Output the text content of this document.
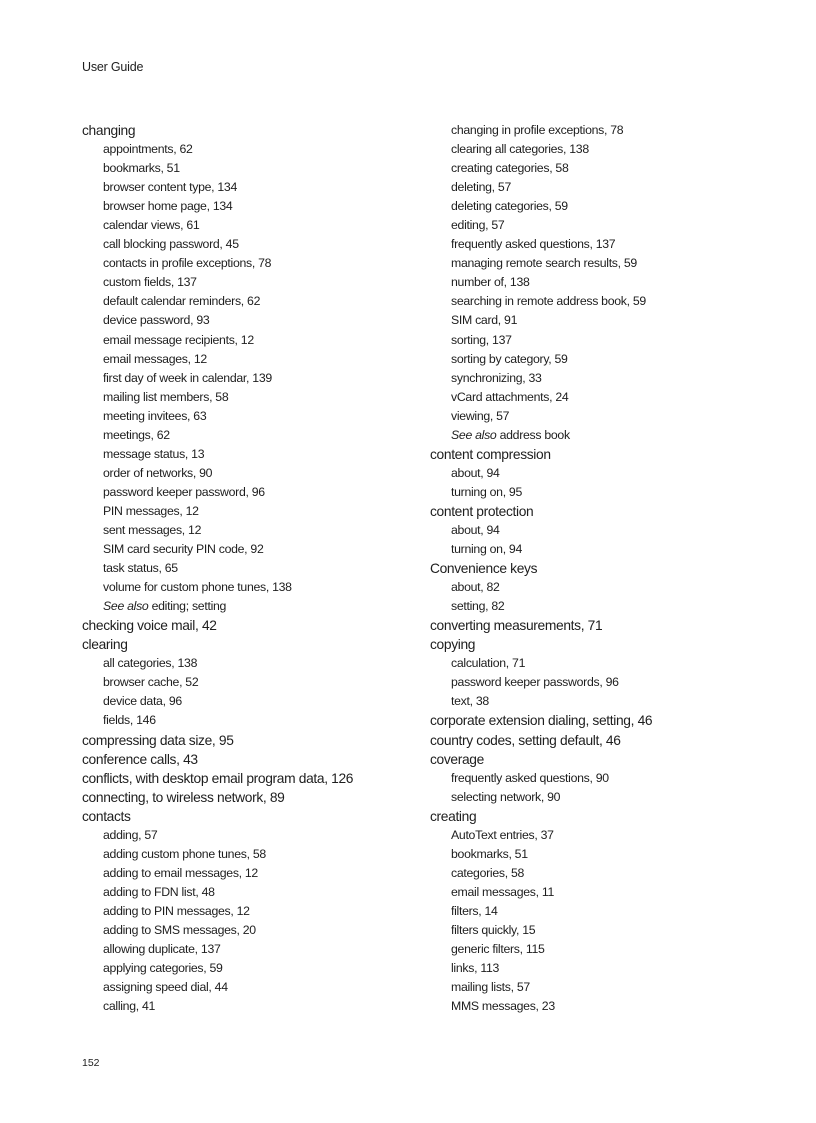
User Guide
changing
appointments, 62
bookmarks, 51
browser content type, 134
browser home page, 134
calendar views, 61
call blocking password, 45
contacts in profile exceptions, 78
custom fields, 137
default calendar reminders, 62
device password, 93
email message recipients, 12
email messages, 12
first day of week in calendar, 139
mailing list members, 58
meeting invitees, 63
meetings, 62
message status, 13
order of networks, 90
password keeper password, 96
PIN messages, 12
sent messages, 12
SIM card security PIN code, 92
task status, 65
volume for custom phone tunes, 138
See also editing; setting
checking voice mail, 42
clearing
all categories, 138
browser cache, 52
device data, 96
fields, 146
compressing data size, 95
conference calls, 43
conflicts, with desktop email program data, 126
connecting, to wireless network, 89
contacts
adding, 57
adding custom phone tunes, 58
adding to email messages, 12
adding to FDN list, 48
adding to PIN messages, 12
adding to SMS messages, 20
allowing duplicate, 137
applying categories, 59
assigning speed dial, 44
calling, 41
changing in profile exceptions, 78
clearing all categories, 138
creating categories, 58
deleting, 57
deleting categories, 59
editing, 57
frequently asked questions, 137
managing remote search results, 59
number of, 138
searching in remote address book, 59
SIM card, 91
sorting, 137
sorting by category, 59
synchronizing, 33
vCard attachments, 24
viewing, 57
See also address book
content compression
about, 94
turning on, 95
content protection
about, 94
turning on, 94
Convenience keys
about, 82
setting, 82
converting measurements, 71
copying
calculation, 71
password keeper passwords, 96
text, 38
corporate extension dialing, setting, 46
country codes, setting default, 46
coverage
frequently asked questions, 90
selecting network, 90
creating
AutoText entries, 37
bookmarks, 51
categories, 58
email messages, 11
filters, 14
filters quickly, 15
generic filters, 115
links, 113
mailing lists, 57
MMS messages, 23
152
